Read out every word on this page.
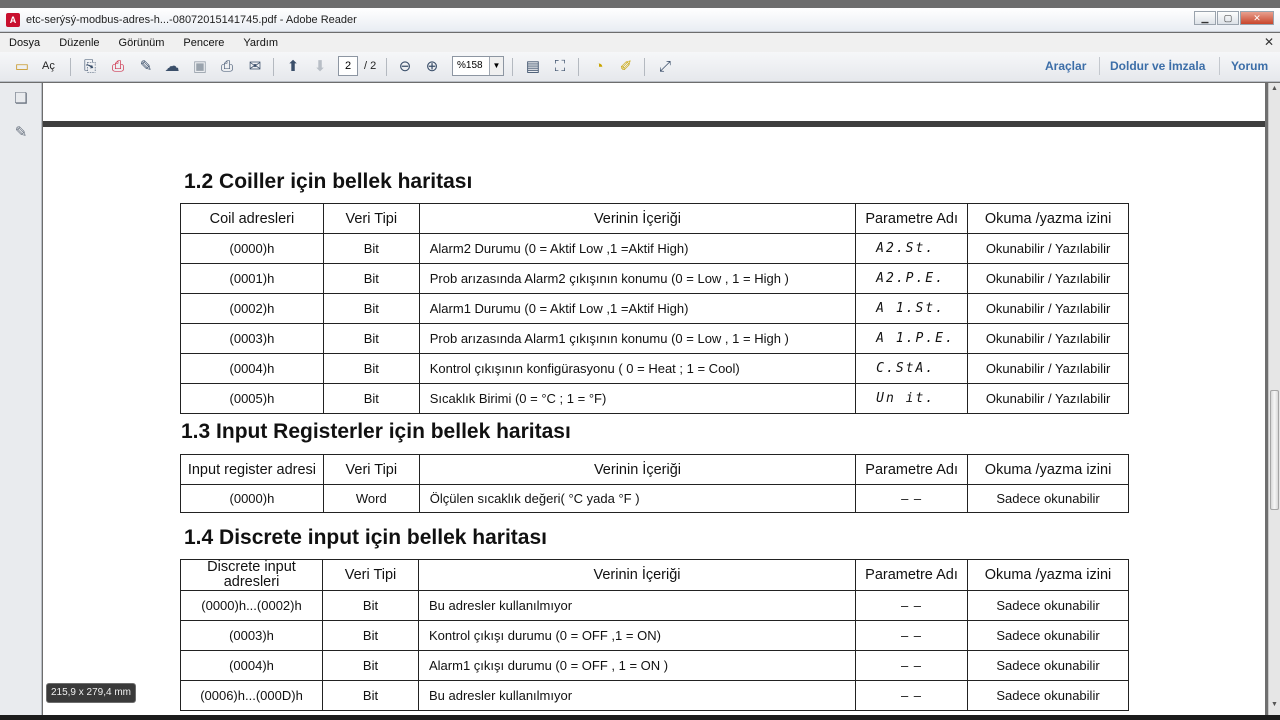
A etc-serýsý-modbus-adres-h...-08072015141745.pdf - Adobe Reader	▁	▢	✕
Dosya Düzenle Görünüm Pencere Yardım	✕
▭ Aç ⎘ ⎙ ✎ ☁ ▣ ⎙ ✉ ⬆ ⬇	2	/ 2 ⊖ ⊕	%158	▼ ▤ ⛶	◔	✐ ⤢	Araçlar Doldur ve İmzala Yorum
❏
✎
1.2 Coiller için bellek haritası
Coil adresleri	Veri Tipi	Verinin İçeriği	Parametre Adı	Okuma /yazma izini
(0000)h	Bit	Alarm2 Durumu (0 = Aktif Low ,1 =Aktif High)	A2.St.	Okunabilir / Yazılabilir
(0001)h	Bit	Prob arızasında Alarm2 çıkışının konumu (0 = Low , 1 = High )	A2.P.E.	Okunabilir / Yazılabilir
(0002)h	Bit	Alarm1 Durumu (0 = Aktif Low ,1 =Aktif High)	A 1.St.	Okunabilir / Yazılabilir
(0003)h	Bit	Prob arızasında Alarm1 çıkışının konumu (0 = Low , 1 = High )	A 1.P.E.	Okunabilir / Yazılabilir
(0004)h	Bit	Kontrol çıkışının konfigürasyonu ( 0 = Heat ; 1 = Cool)	C.StA.	Okunabilir / Yazılabilir
(0005)h	Bit	Sıcaklık Birimi (0 = °C ; 1 = °F)	Un it.	Okunabilir / Yazılabilir
1.3 Input Registerler için bellek haritası
Input register adresi	Veri Tipi	Verinin İçeriği	Parametre Adı	Okuma /yazma izini
(0000)h	Word	Ölçülen sıcaklık değeri( °C yada °F )	– –	Sadece okunabilir
1.4 Discrete input için bellek haritası
Discrete input adresleri	Veri Tipi	Verinin İçeriği	Parametre Adı	Okuma /yazma izini
(0000)h...(0002)h	Bit	Bu adresler kullanılmıyor	– –	Sadece okunabilir
(0003)h	Bit	Kontrol çıkışı durumu (0 = OFF ,1 = ON)	– –	Sadece okunabilir
(0004)h	Bit	Alarm1 çıkışı durumu (0 = OFF , 1 = ON )	– –	Sadece okunabilir
(0006)h...(000D)h	Bit	Bu adresler kullanılmıyor	– –	Sadece okunabilir
▲
▼
215,9 x 279,4 mm
